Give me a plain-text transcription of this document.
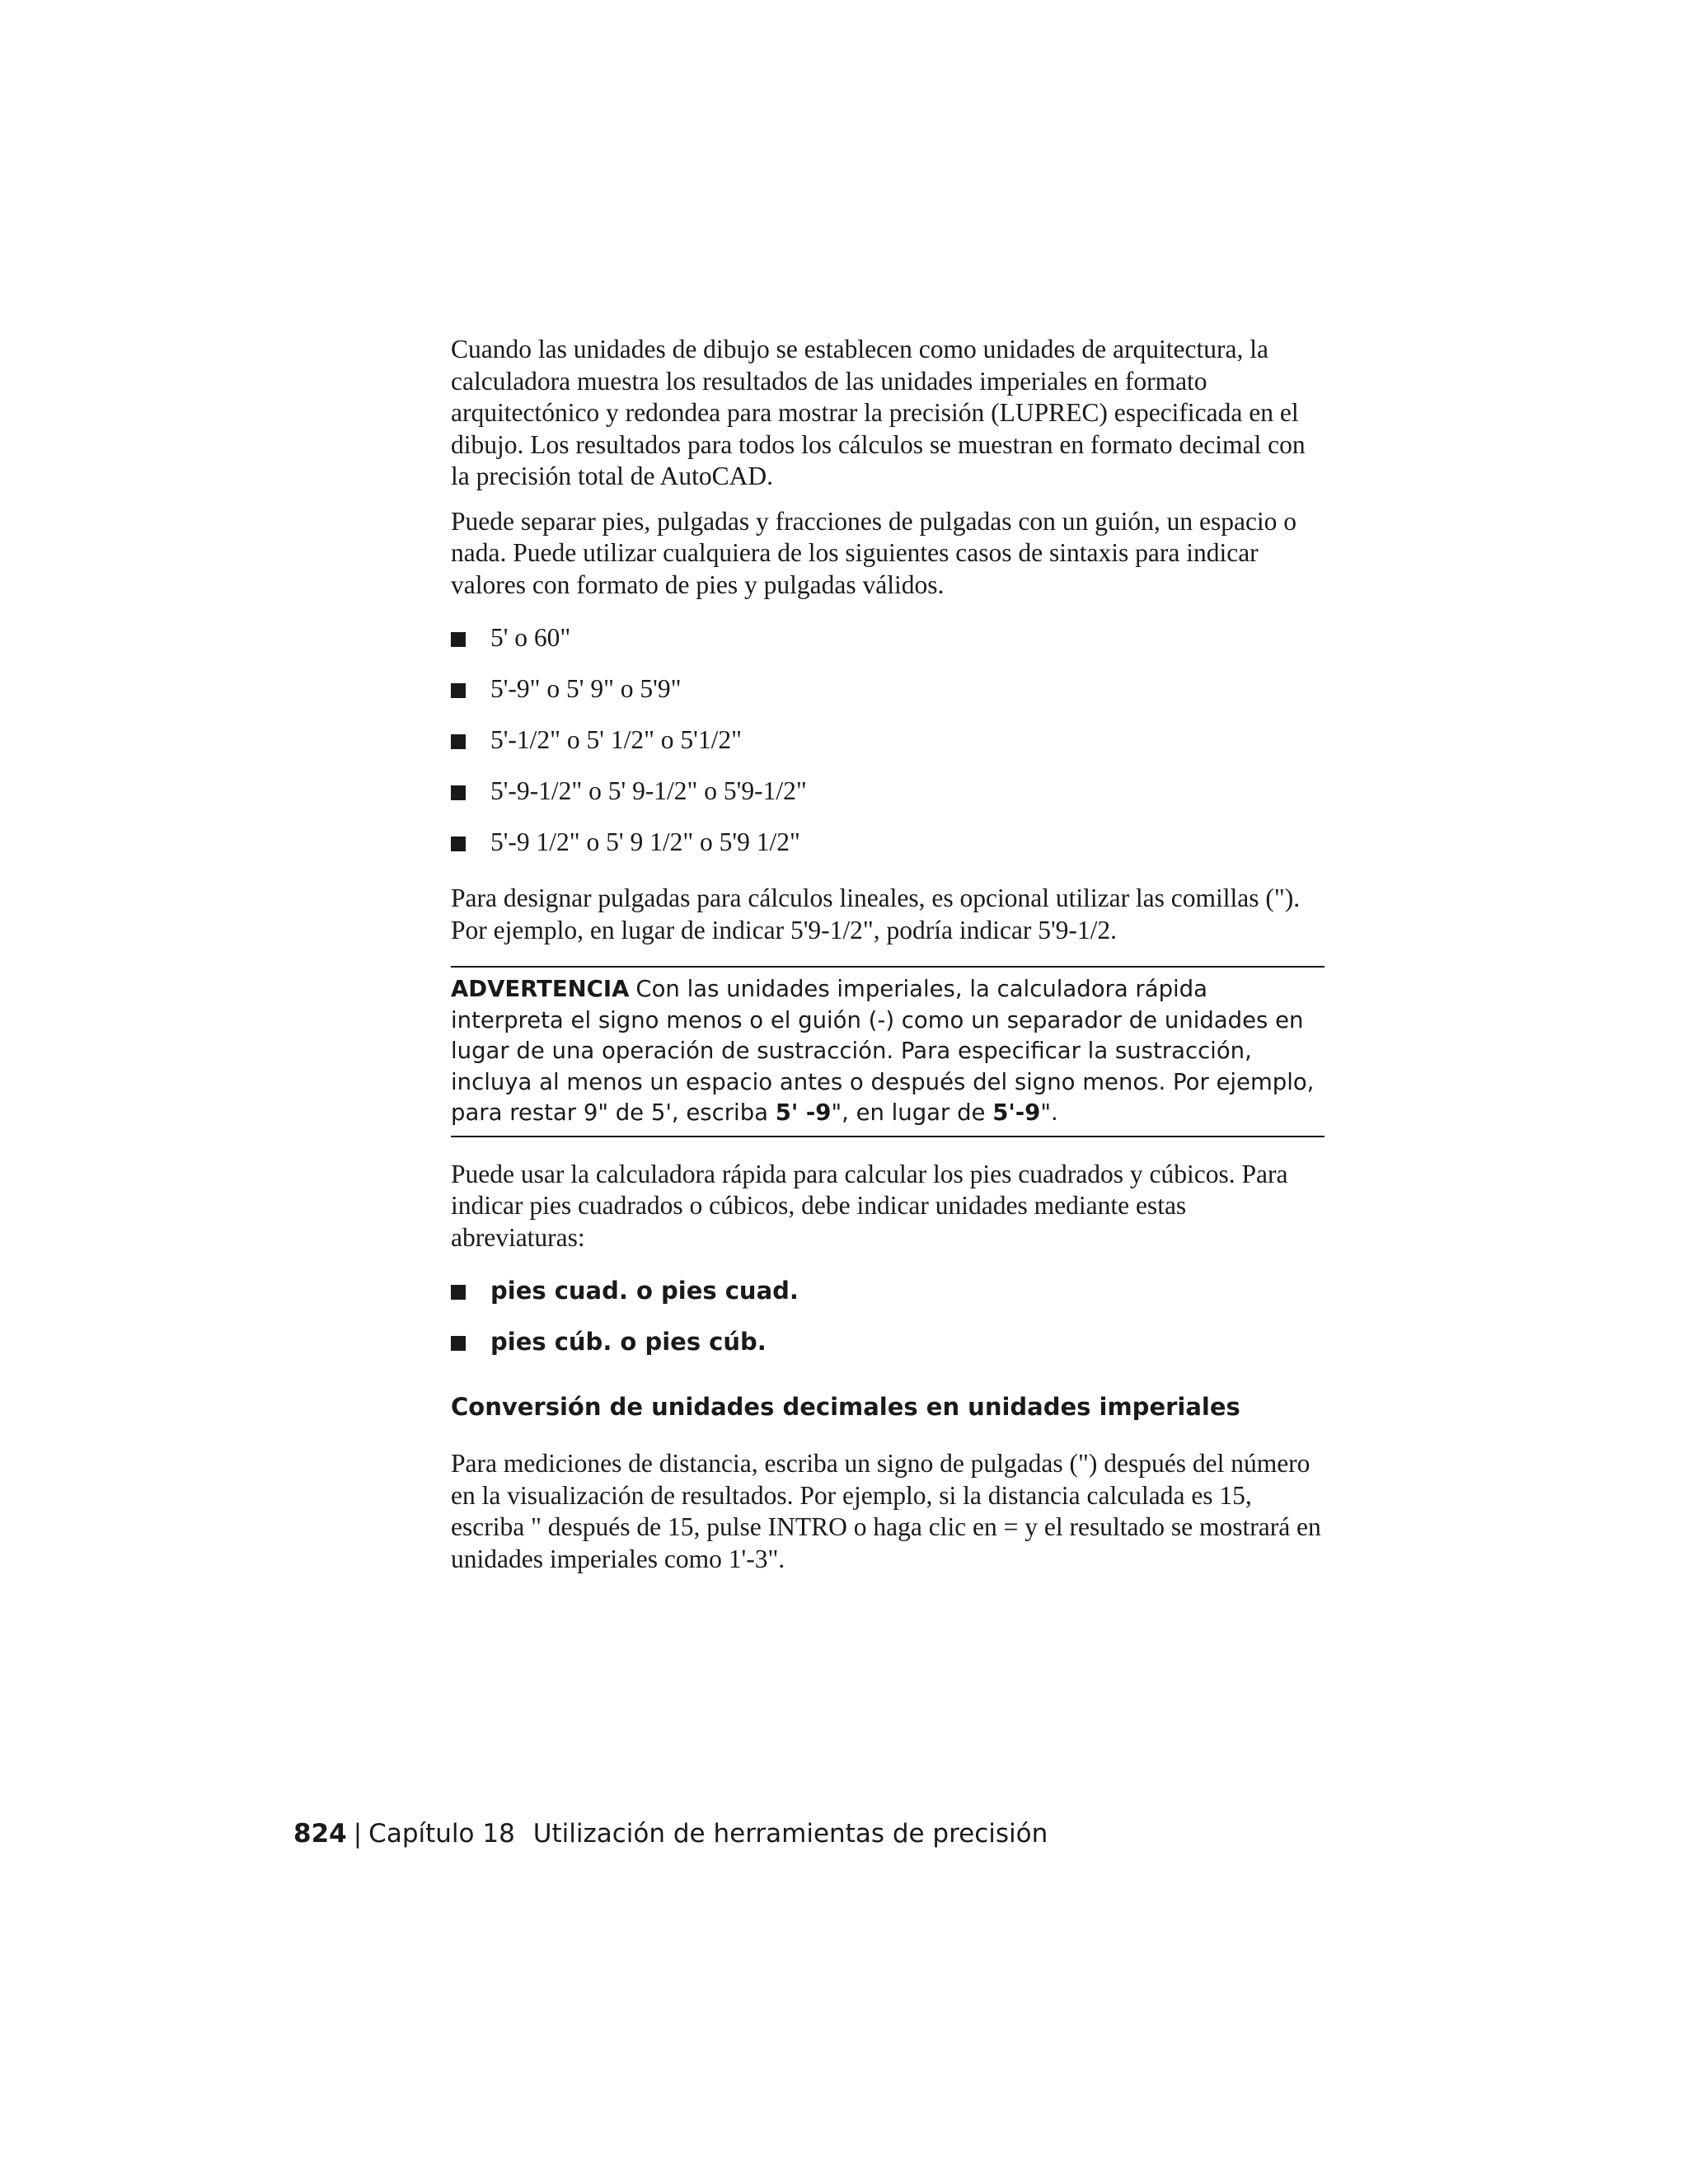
Cuando las unidades de dibujo se establecen como unidades de arquitectura, la calculadora muestra los resultados de las unidades imperiales en formato arquitectónico y redondea para mostrar la precisión (LUPREC) especificada en el dibujo. Los resultados para todos los cálculos se muestran en formato decimal con la precisión total de AutoCAD.

Puede separar pies, pulgadas y fracciones de pulgadas con un guión, un espacio o nada. Puede utilizar cualquiera de los siguientes casos de sintaxis para indicar valores con formato de pies y pulgadas válidos.

5' o 60"
5'-9" o 5' 9" o 5'9"
5'-1/2" o 5' 1/2" o 5'1/2"
5'-9-1/2" o 5' 9-1/2" o 5'9-1/2"
5'-9 1/2" o 5' 9 1/2" o 5'9 1/2"

Para designar pulgadas para cálculos lineales, es opcional utilizar las comillas ("). Por ejemplo, en lugar de indicar 5'9-1/2", podría indicar 5'9-1/2.

ADVERTENCIA Con las unidades imperiales, la calculadora rápida interpreta el signo menos o el guión (-) como un separador de unidades en lugar de una operación de sustracción. Para especificar la sustracción, incluya al menos un espacio antes o después del signo menos. Por ejemplo, para restar 9" de 5', escriba 5' -9", en lugar de 5'-9".

Puede usar la calculadora rápida para calcular los pies cuadrados y cúbicos. Para indicar pies cuadrados o cúbicos, debe indicar unidades mediante estas abreviaturas:

pies cuad. o pies cuad.
pies cúb. o pies cúb.
Conversión de unidades decimales en unidades imperiales

Para mediciones de distancia, escriba un signo de pulgadas (") después del número en la visualización de resultados. Por ejemplo, si la distancia calculada es 15, escriba " después de 15, pulse INTRO o haga clic en = y el resultado se mostrará en unidades imperiales como 1'-3".

824 | Capítulo 18 Utilización de herramientas de precisión
